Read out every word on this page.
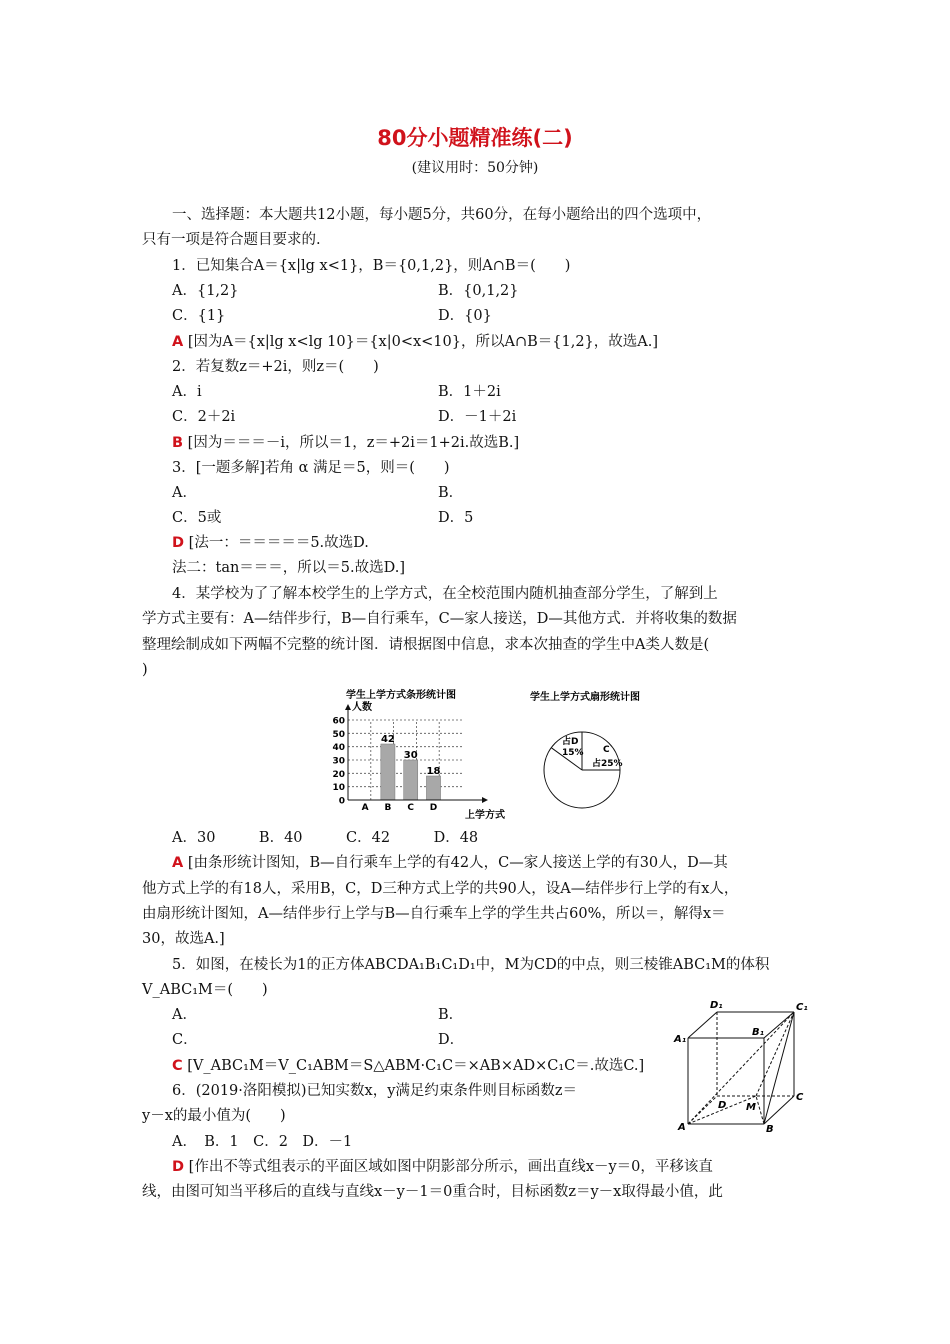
80分小题精准练(二)
(建议用时：50分钟)
一、选择题：本大题共12小题，每小题5分，共60分，在每小题给出的四个选项中，
只有一项是符合题目要求的.
1．已知集合A＝{x|lg x<1}，B＝{0,1,2}，则A∩B＝(　　)
A．{1,2}	B．{0,1,2}
C．{1}	D．{0}
A [因为A＝{x|lg x<lg 10}＝{x|0<x<10}，所以A∩B＝{1,2}，故选A.]
2．若复数z＝+2i，则z＝(　　)
A．i	B．1＋2i
C．2＋2i	D．－1＋2i
B [因为＝＝＝－i，所以＝1，z＝+2i＝1+2i.故选B.]
3．[一题多解]若角 α 满足＝5，则＝(　　)
A．	B．
C．5或	D．5
D [法一：＝＝＝＝＝5.故选D.
法二：tan＝＝＝，所以＝5.故选D.]
4．某学校为了了解本校学生的上学方式，在全校范围内随机抽查部分学生，了解到上
学方式主要有：A—结伴步行，B—自行乘车，C—家人接送，D—其他方式．并将收集的数据
整理绘制成如下两幅不完整的统计图．请根据图中信息，求本次抽查的学生中A类人数是(
)
学生上学方式条形统计图
人数
0
10
20
30
40
50
60
42
30
18
A B C D
上学方式
学生上学方式扇形统计图
占D
15% C
占25%
A．30　　　B．40　　　C．42　　　D．48
A [由条形统计图知，B—自行乘车上学的有42人，C—家人接送上学的有30人，D—其
他方式上学的有18人，采用B，C，D三种方式上学的共90人，设A—结伴步行上学的有x人，
由扇形统计图知，A—结伴步行上学与B—自行乘车上学的学生共占60%，所以＝，解得x＝
30，故选A.]
5．如图，在棱长为1的正方体ABCDA₁B₁C₁D₁中，M为CD的中点，则三棱锥ABC₁M的体积
V_ABC₁M＝(　　)
A．	B．
C．	D．
C [V_ABC₁M＝V_C₁ABM＝S△ABM·C₁C＝×AB×AD×C₁C＝.故选C.]
D₁	C₁
B₁
A₁
D M
C
A	B
6．(2019·洛阳模拟)已知实数x，y满足约束条件则目标函数z＝
y－x的最小值为(　　)
A．　B．1　C．2　D．－1
D [作出不等式组表示的平面区域如图中阴影部分所示，画出直线x－y＝0，平移该直
线，由图可知当平移后的直线与直线x－y－1＝0重合时，目标函数z＝y－x取得最小值，此
